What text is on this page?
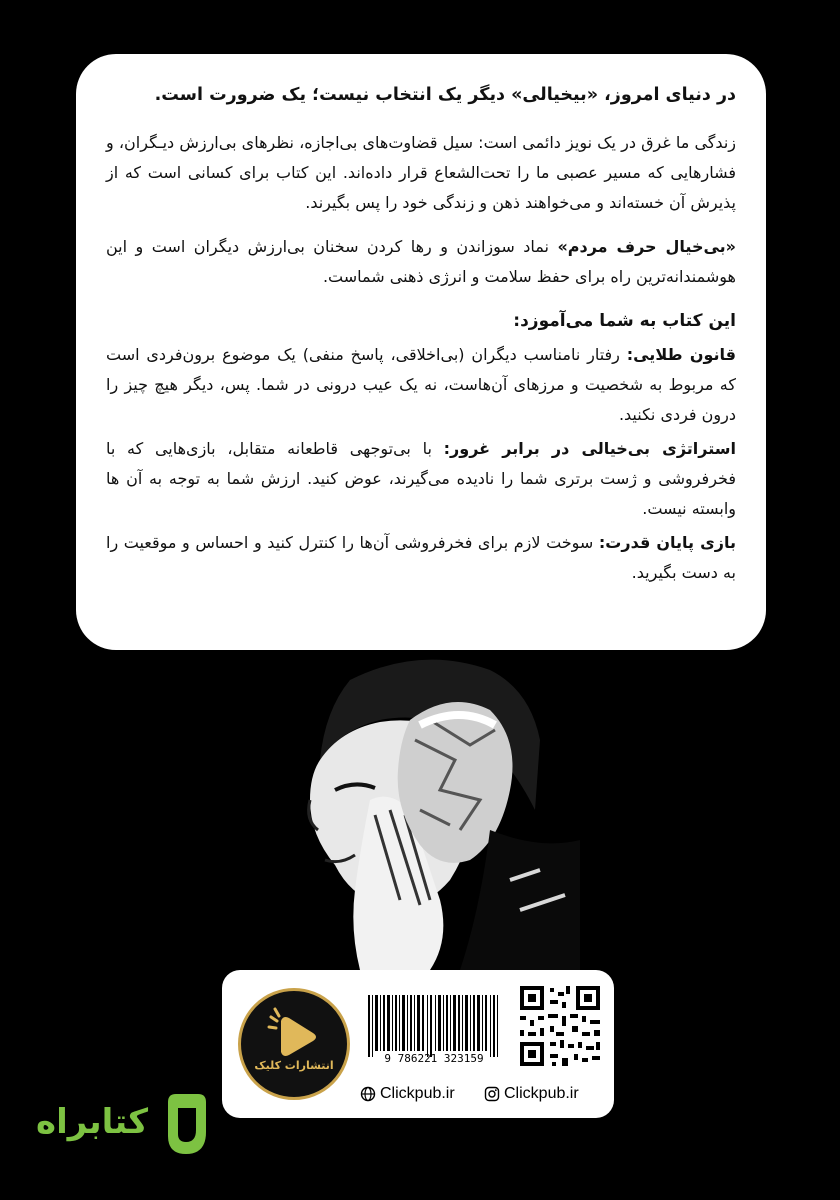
در دنیای امروز، «بیخیالی» دیگر یک انتخاب نیست؛ یک ضرورت است.

زندگی ما غرق در یک نویز دائمی است: سیل قضاوت‌های بی‌اجازه، نظرهای بی‌ارزش دیـگران، و فشارهایی که مسیر عصبی ما را تحت‌الشعاع قرار داده‌اند. این کتاب برای کسانی است که از پذیرش آن خسته‌اند و می‌خواهند ذهن و زندگی خود را پس بگیرند.

«بی‌خیال حرف مردم» نماد سوزاندن و رها کردن سخنان بی‌ارزش دیگران است و این هوشمندانه‌ترین راه برای حفظ سلامت و انرژی ذهنی شماست.

این کتاب به شما می‌آموزد:

قانون طلایی: رفتار نامناسب دیگران (بی‌اخلاقی، پاسخ منفی) یک موضوع برون‌فردی است که مربوط به شخصیت و مرزهای آن‌هاست، نه یک عیب درونی در شما. پس، دیگر هیچ چیز را درون فردی نکنید.

استراتژی بی‌خیالی در برابر غرور: با بی‌توجهی قاطعانه متقابل، بازی‌هایی که با فخرفروشی و ژست برتری شما را نادیده می‌گیرند، عوض کنید. ارزش شما به توجه به آن ها وابسته نیست.

بازی پایان قدرت: سوخت لازم برای فخرفروشی آن‌ها را کنترل کنید و احساس و موقعیت را به دست بگیرید.

انتشارات کلیک
9 786221 323159
Clickpub.ir	Clickpub.ir
کتابراه
